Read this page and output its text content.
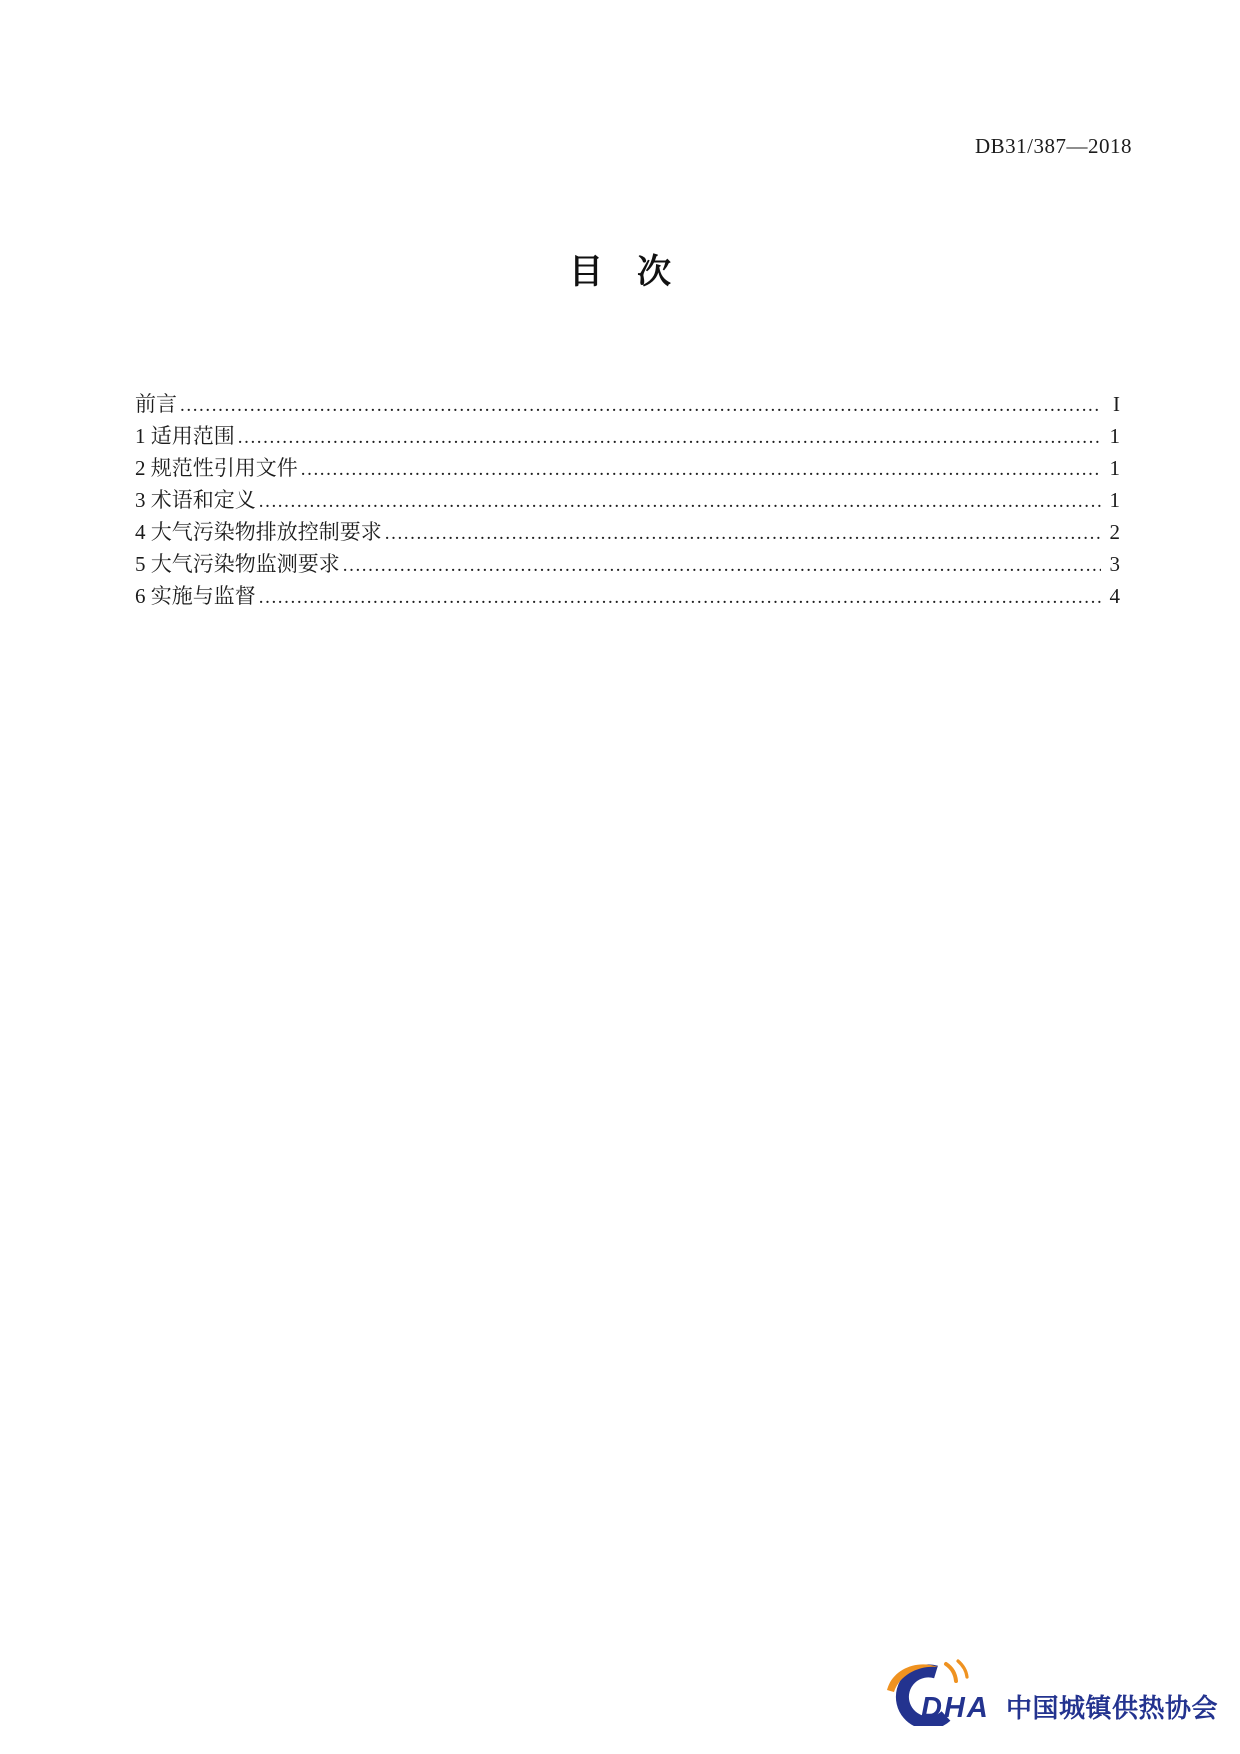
DB31/387—2018
目　次
前言 .....	I
1 适用范围 .....	1
2 规范性引用文件 .....	1
3 术语和定义 .....	1
4 大气污染物排放控制要求 .....	2
5 大气污染物监测要求 .....	3
6 实施与监督 .....	4
DHA 中国城镇供热协会
